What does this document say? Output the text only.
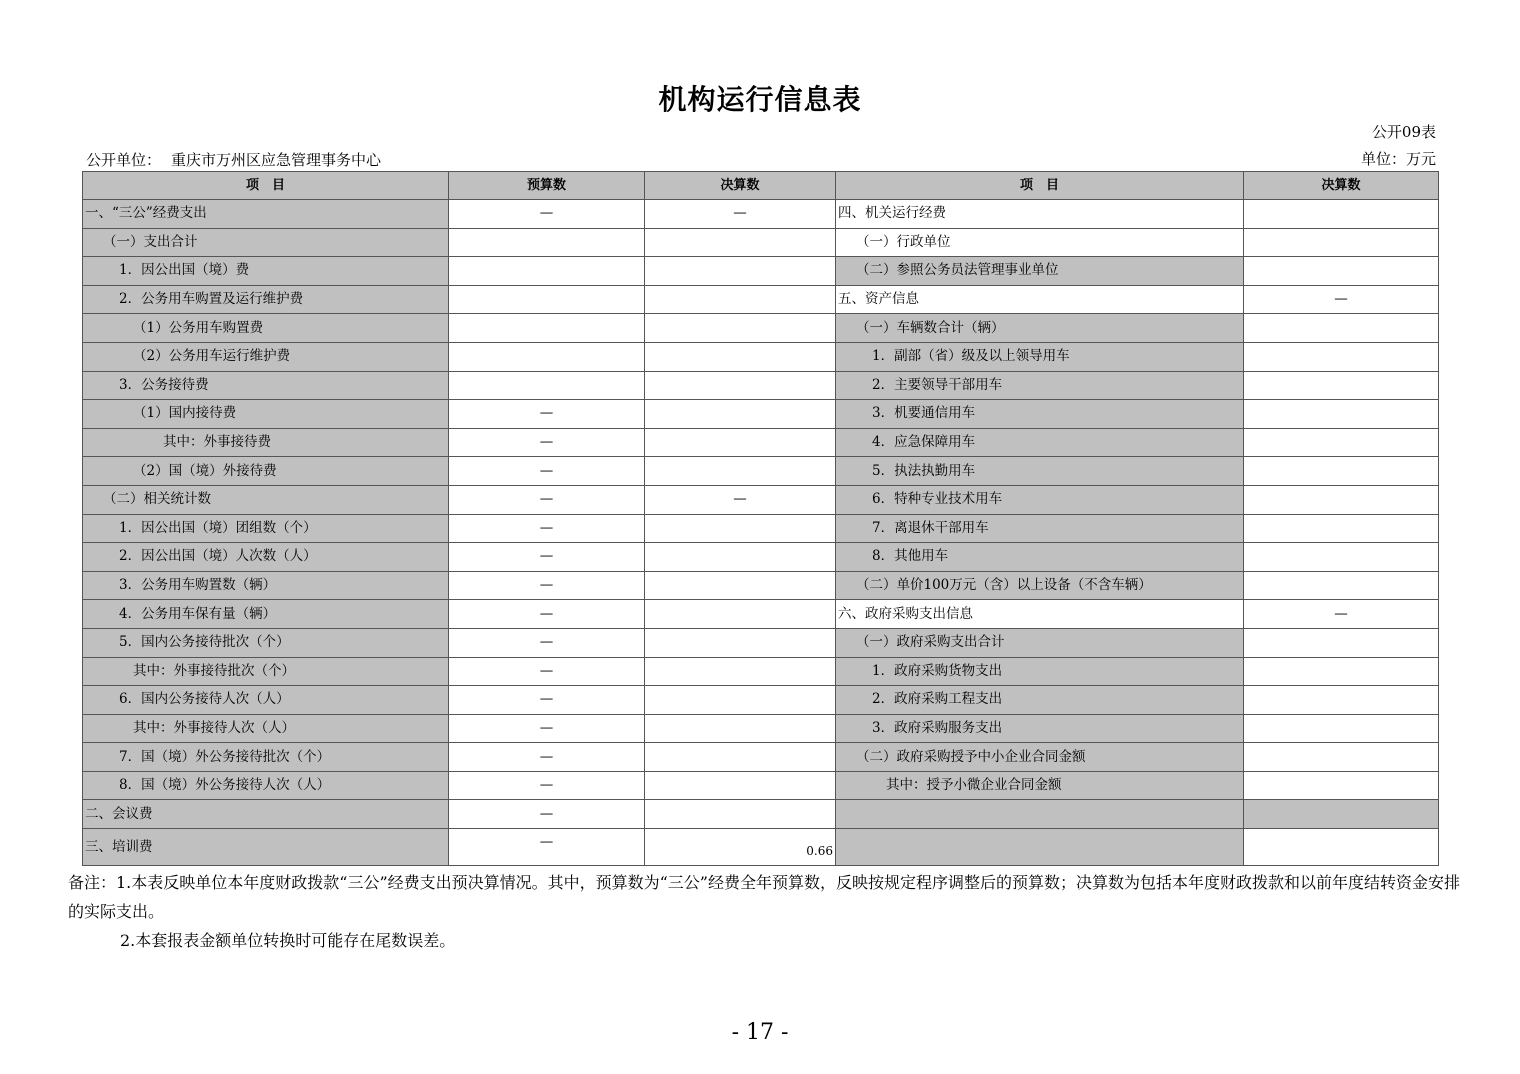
机构运行信息表
公开09表
公开单位： 重庆市万州区应急管理事务中心	单位：万元
项　目	预算数	决算数	项　目	决算数
一、“三公”经费支出	—	—	四、机关运行经费	
（一）支出合计			（一）行政单位	
1．因公出国（境）费			（二）参照公务员法管理事业单位	
2．公务用车购置及运行维护费			五、资产信息	—
（1）公务用车购置费			（一）车辆数合计（辆）	
（2）公务用车运行维护费			1．副部（省）级及以上领导用车	
3．公务接待费			2．主要领导干部用车	
（1）国内接待费	—		3．机要通信用车	
其中：外事接待费	—		4．应急保障用车	
（2）国（境）外接待费	—		5．执法执勤用车	
（二）相关统计数	—	—	6．特种专业技术用车	
1．因公出国（境）团组数（个）	—		7．离退休干部用车	
2．因公出国（境）人次数（人）	—		8．其他用车	
3．公务用车购置数（辆）	—		（二）单价100万元（含）以上设备（不含车辆）	
4．公务用车保有量（辆）	—		六、政府采购支出信息	—
5．国内公务接待批次（个）	—		（一）政府采购支出合计	
其中：外事接待批次（个）	—		1．政府采购货物支出	
6．国内公务接待人次（人）	—		2．政府采购工程支出	
其中：外事接待人次（人）	—		3．政府采购服务支出	
7．国（境）外公务接待批次（个）	—		（二）政府采购授予中小企业合同金额	
8．国（境）外公务接待人次（人）	—		其中：授予小微企业合同金额	
二、会议费	—			
三、培训费	—	0.66		
备注：1.本表反映单位本年度财政拨款“三公”经费支出预决算情况。其中，预算数为“三公”经费全年预算数，反映按规定程序调整后的预算数；决算数为包括本年度财政拨款和以前年度结转资金安排的实际支出。
2.本套报表金额单位转换时可能存在尾数误差。
- 17 -
